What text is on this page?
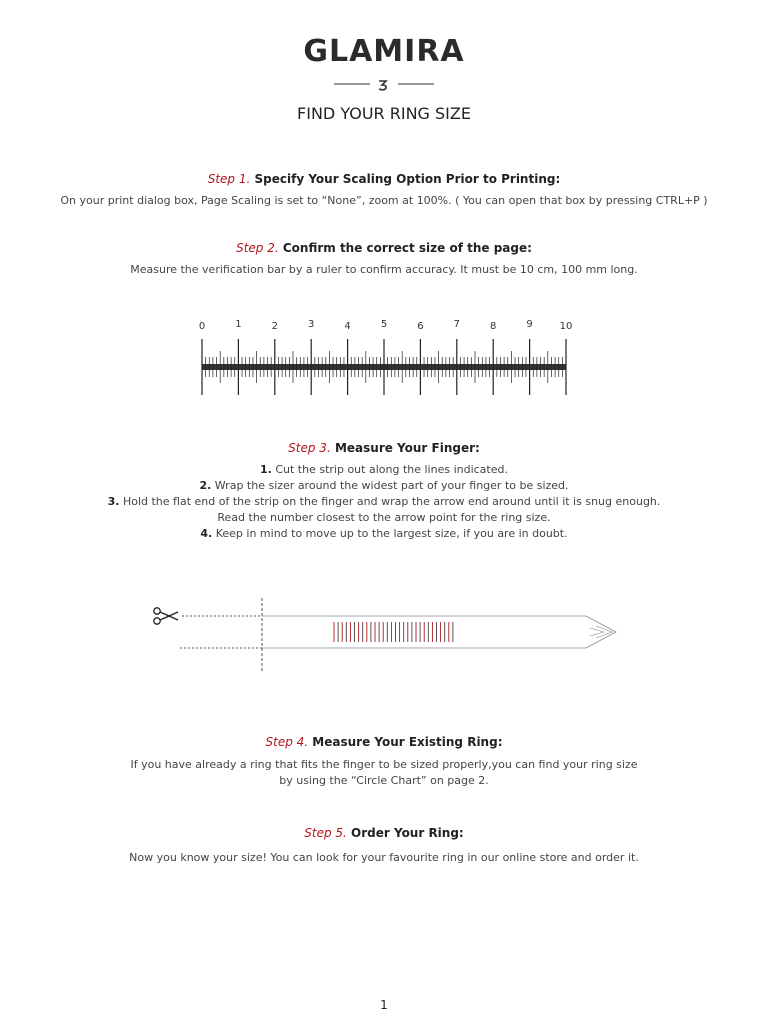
GLAMIRA
FIND YOUR RING SIZE
Step 1. Specify Your Scaling Option Prior to Printing:
On your print dialog box, Page Scaling is set to “None”, zoom at 100%. ( You can open that box by pressing CTRL+P )
Step 2. Confirm the correct size of the page:
Measure the verification bar by a ruler to confirm accuracy. It must be 10 cm, 100 mm long.
0	1	2	3	4	5	6	7	8	9	10
Step 3. Measure Your Finger:
1. Cut the strip out along the lines indicated.
2. Wrap the sizer around the widest part of your finger to be sized.
3. Hold the flat end of the strip on the finger and wrap the arrow end around until it is snug enough.
Read the number closest to the arrow point for the ring size.
4. Keep in mind to move up to the largest size, if you are in doubt.
Step 4. Measure Your Existing Ring:
If you have already a ring that fits the finger to be sized properly,you can find your ring size
by using the “Circle Chart” on page 2.
Step 5. Order Your Ring:
Now you know your size! You can look for your favourite ring in our online store and order it.
1
